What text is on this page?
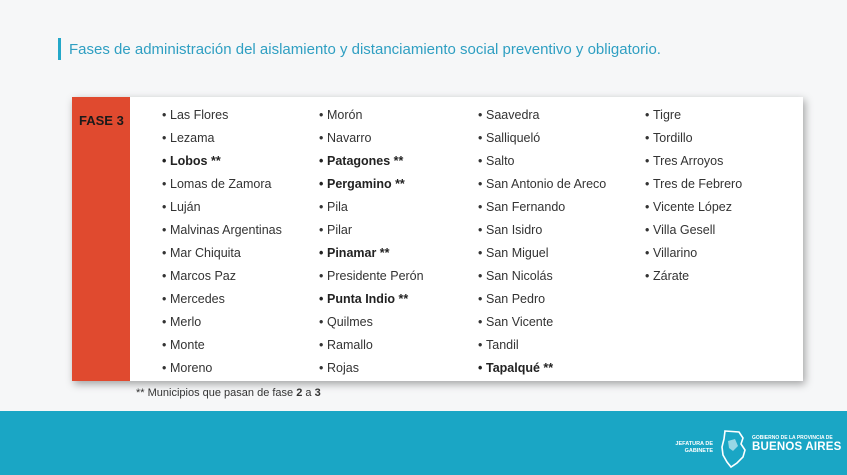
Fases de administración del aislamiento y distanciamiento social preventivo y obligatorio.
FASE 3	• Las Flores
• Lezama
• Lobos **
• Lomas de Zamora
• Luján
• Malvinas Argentinas
• Mar Chiquita
• Marcos Paz
• Mercedes
• Merlo
• Monte
• Moreno
• Morón
• Navarro
• Patagones **
• Pergamino **
• Pila
• Pilar
• Pinamar **
• Presidente Perón
• Punta Indio **
• Quilmes
• Ramallo
• Rojas
• Saavedra
• Salliqueló
• Salto
• San Antonio de Areco
• San Fernando
• San Isidro
• San Miguel
• San Nicolás
• San Pedro
• San Vicente
• Tandil
• Tapalqué **
• Tigre
• Tordillo
• Tres Arroyos
• Tres de Febrero
• Vicente López
• Villa Gesell
• Villarino
• Zárate
** Municipios que pasan de fase 2 a 3
JEFATURA DE
GABINETE
GOBIERNO DE LA PROVINCIA DE
BUENOS AIRES
